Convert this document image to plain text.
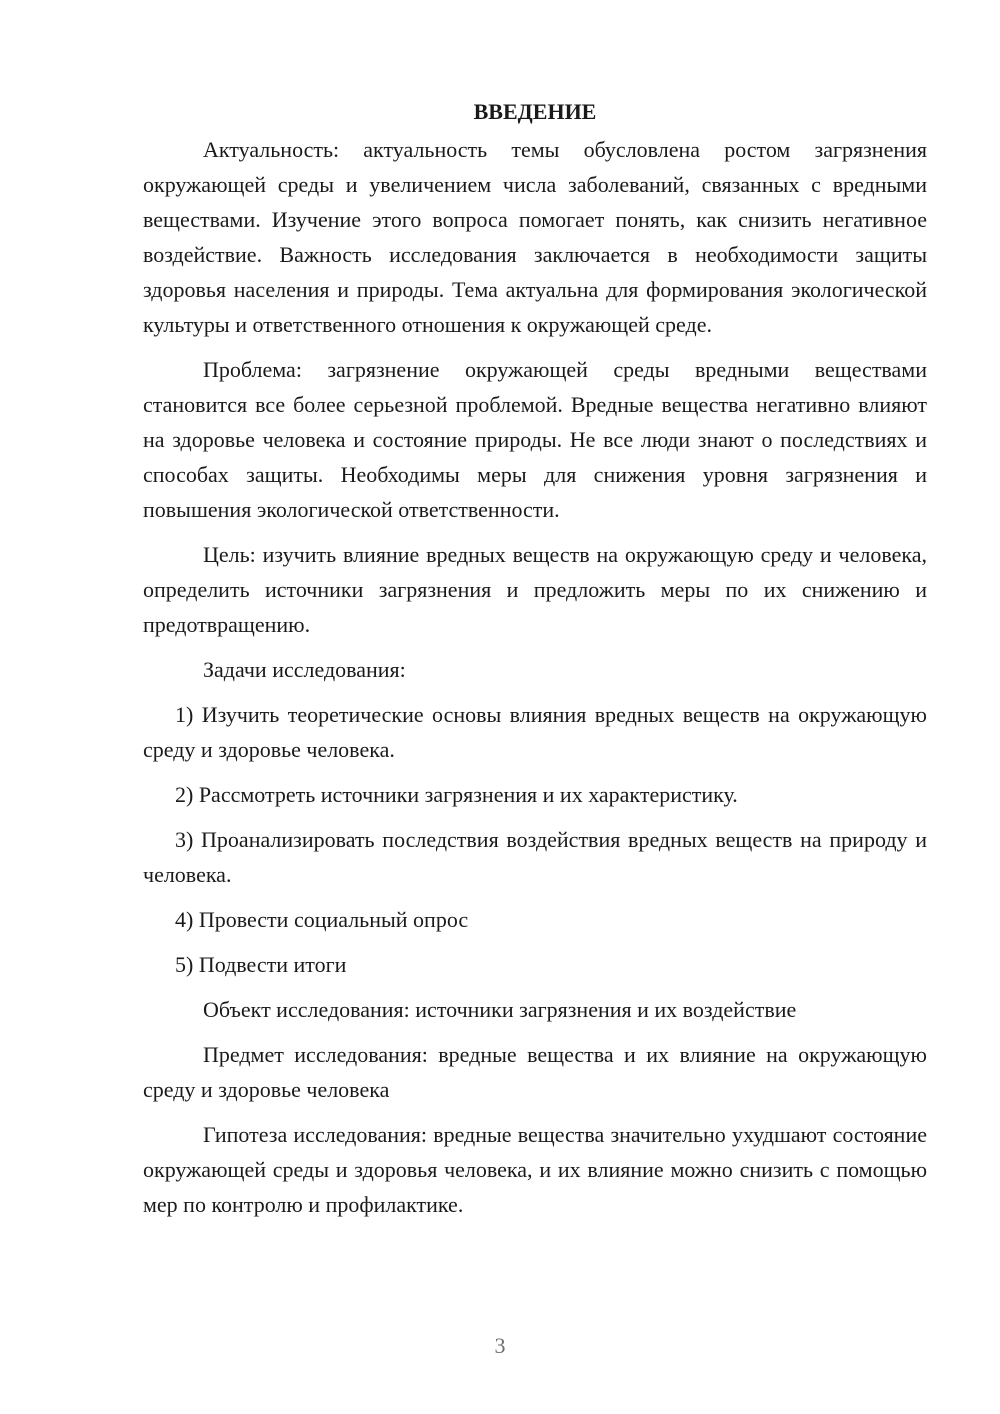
ВВЕДЕНИЕ

Актуальность: актуальность темы обусловлена ростом загрязнения окружающей среды и увеличением числа заболеваний, связанных с вредными веществами. Изучение этого вопроса помогает понять, как снизить негативное воздействие. Важность исследования заключается в необходимости защиты здоровья населения и природы. Тема актуальна для формирования экологической культуры и ответственного отношения к окружающей среде.

Проблема: загрязнение окружающей среды вредными веществами становится все более серьезной проблемой. Вредные вещества негативно влияют на здоровье человека и состояние природы. Не все люди знают о последствиях и способах защиты. Необходимы меры для снижения уровня загрязнения и повышения экологической ответственности.

Цель: изучить влияние вредных веществ на окружающую среду и человека, определить источники загрязнения и предложить меры по их снижению и предотвращению.

Задачи исследования:

1) Изучить теоретические основы влияния вредных веществ на окружающую среду и здоровье человека.

2) Рассмотреть источники загрязнения и их характеристику.

3) Проанализировать последствия воздействия вредных веществ на природу и человека.

4) Провести социальный опрос

5) Подвести итоги

Объект исследования: источники загрязнения и их воздействие

Предмет исследования: вредные вещества и их влияние на окружающую среду и здоровье человека

Гипотеза исследования: вредные вещества значительно ухудшают состояние окружающей среды и здоровья человека, и их влияние можно снизить с помощью мер по контролю и профилактике.

3
